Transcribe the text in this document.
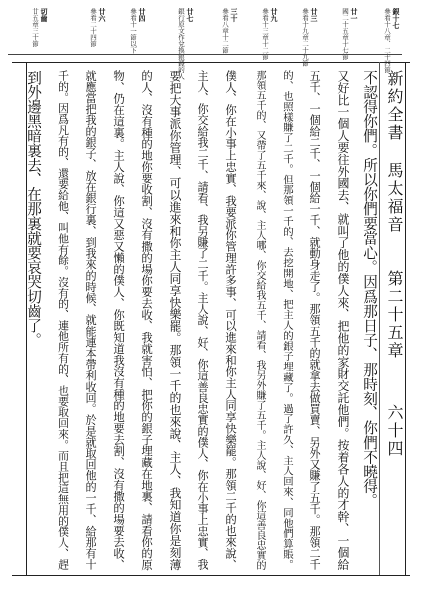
銀十七
參看十八章、二十四節
廿一
國二十五章十七節
廿三
參看十九章二十九節
廿九
參看十三章十二節
三十
參看八章十二節
廿七
銀行原文作兌換銀錢的人
廿四
參看十一節以下
廿六
參看二十四節
切齒
廿五章三十節
新約全書
馬太福音
第二十五章
六十四
不認得你們。所以你們要當心。因爲那日子、那時刻、你們不曉得。
又好比一個人要往外國去、就叫了他的僕人來、把他的家財交託他們。按着各人的才幹、一個給
五千、一個給二千、一個給一千、就動身走了。那領五千的就拿去做買賣、另外又賺了五千。那領二千
的、也照樣賺了二千。但那領一千的、去挖開地、把主人的銀子埋藏了。過了許久、主人回來、同他們算賬。
那領五千的、又帶了五千來、說、主人哪、你交給我五千、請看、我另外賺了五千。主人說、好、你這善良忠實的
僕人、你在小事上忠實、我要派你管理許多事、可以進來和你主人同享快樂罷。那領二千的也來說、
主人、你交給我二千、請看、我另賺了二千。主人說、好、你這善良忠實的僕人、你在小事上忠實、我
要把大事派你管理、可以進來和你主人同享快樂罷。那領一千的也來說、主人、我知道你是刻薄
的人、沒有種的地你要收割、沒有撒的場你要去收、我就害怕、把你的銀子埋藏在地裏、請看你的原
物、仍在這裏。主人說、你這又惡又懶的僕人、你既知道我沒有種的地要去割、沒有撒的場要去收、
就應當把我的銀子、放在銀行裏、到我來的時候、就能連本帶利收回。於是就取回他的一千、給那有十
千的。因爲凡有的、還要給他、叫他有餘。沒有的、連他所有的、也要取回來。而且把這無用的僕人、趕
到外邊黑暗裏去、在那裏就要哀哭切齒了。
